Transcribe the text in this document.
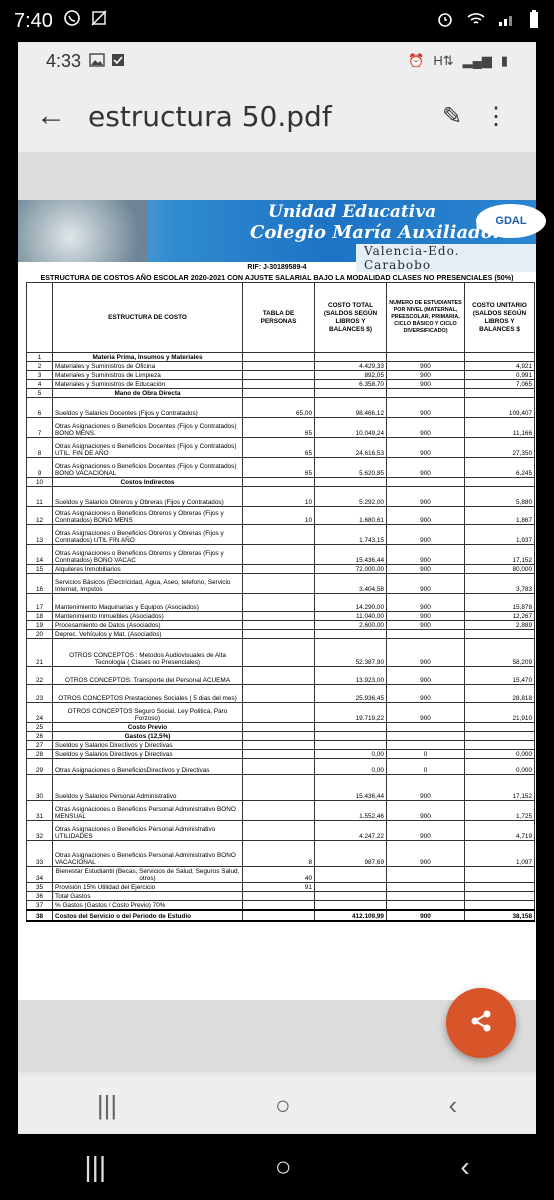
7:40
4:33	⏰ H⇅ ▂▄▆ ▮
← estructura 50.pdf	✎ ⋮
GDAL
Unidad Educativa
Colegio María Auxiliadora
Valencia-Edo. Carabobo
RIF: J-30189589-4
ESTRUCTURA DE COSTOS AÑO ESCOLAR 2020-2021 CON AJUSTE SALARIAL BAJO LA MODALIDAD CLASES NO PRESENCIALES (50%)
	ESTRUCTURA DE COSTO	TABLA DE PERSONAS	COSTO TOTAL (SALDOS SEGÚN LIBROS Y BALANCES $)	NUMERO DE ESTUDIANTES POR NIVEL (MATERNAL, PREESCOLAR, PRIMARIA, CICLO BÁSICO Y CICLO DIVERSIFICADO)	COSTO UNITARIO (SALDOS SEGÚN LIBROS Y BALANCES $
1	Materia Prima, Insumos y Materiales				
2	Materiales y Suministros de Oficina		4.429,33	900	4,921
3	Materiales y Suministros de Limpieza		892,05	900	0,991
4	Materiales y Suministros de Educación		6.358,70	900	7,065
5	Mano de Obra Directa				
6	Sueldos y Salarios Docentes (Fijos y Contratados)	65,00	98.466,12	900	109,407
7	Otras Asignaciones o Beneficios Docentes (Fijos y Contratados) BONO MENS.	65	10.049,24	900	11,166
8	Otras Asignaciones o Beneficios Docentes (Fijos y Contratados) UTIL. FIN DE AÑO	65	24.616,53	900	27,350
9	Otras Asignaciones o Beneficios Docentes (Fijos y Contratados) BONO VACACIONAL	65	5.620,85	900	6,245
10	Costos Indirectos				
11	Sueldos y Salarios Obreros y Obreras (Fijos y Contratados)	10	5.292,00	900	5,880
12	Otras Asignaciones o Beneficios Obreros y Obreras (Fijos y Contratados) BONO MENS	10	1.680,61	900	1,867
13	Otras Asignaciones o Beneficios Obreros y Obreras (Fijos y Contratados) UTIL FIN AÑO		1.743,15	900	1,937
14	Otras Asignaciones o Beneficios Obreros y Obreras (Fijos y Contratados) BONO VACAC		15.436,44	900	17,152
15	Alquileres Inmobiliarios		72.000,00	900	80,000
16	Servicios Básicos (Electricidad, Agua, Aseo, telefono, Servicio Internet, Impstos		3.404,58	900	3,783
17	Mantenimiento Maquinarias y Equipos (Asociados)		14.290,00	900	15,878
18	Mantenimiento Inmuebles (Asociados)		11.040,00	900	12,267
19	Procesamiento de Datos (Asociados)		2.600,00	900	2,889
20	Deprec. Vehículos y Mat. (Asociados)				
21	OTROS CONCEPTOS : Metodos Audiovisuales de Alta Tecnologia ( Clases no Presenciales)		52.387,90	900	58,209
22	OTROS CONCEPTOS: Transporte del Personal ACUEMA		13.923,00	900	15,470
23	OTROS CONCEPTOS Prestaciones Sociales ( 5 dias del mes)		25.936,45	900	28,818
24	OTROS CONCEPTOS Seguro Social, Ley Politica, Paro Forzoso)		19.719,22	900	21,910
25	Costo Previo				
26	Gastos (12,5%)				
27	Sueldos y Salarios Directivos y Directivas				
28	Sueldos y Salarios Directivos y Directivas		0,00	0	0,000
29	Otras Asignaciones o BeneficiosDirectivos y Directivas		0,00	0	0,000
30	Sueldos y Salarios Personal Administrativo		15.436,44	900	17,152
31	Otras Asignaciones o Beneficios Personal Administrativo BONO MENSUAL		1.552,46	900	1,725
32	Otras Asignaciones o Beneficios Personal Administrativo UTILIDADES		4.247,22	900	4,719
33	Otras Asignaciones o Beneficios Personal Administrativo BONO VACACIONAL	8	987,69	900	1,097
34	Bienestar Estudiantil (Becas, Servicios de Salud, Seguros Salud, otros)	40			
35	Provisión 15% Utilidad del Ejercicio	91			
36	Total Gastos				
37	% Gastos (Gastos / Costo Previo) 70%				
38	Costos del Servicio o del Periodo de Estudio		412.109,99	900	38,158
|||	○	‹
|||	○	‹
